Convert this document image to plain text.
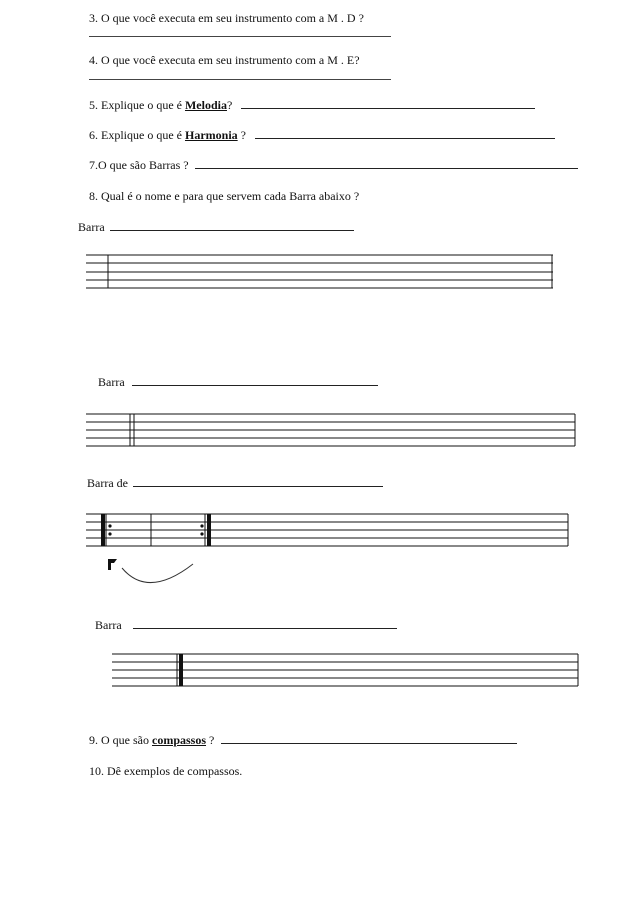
3. O que você executa em seu instrumento com a M . D ?
4. O que você executa em seu instrumento com a M . E?
5. Explique o que é Melodia?
6. Explique o que é Harmonia ?
7.O que são Barras ?
8. Qual é o nome e para que servem cada Barra abaixo ?
Barra
Barra
Barra de
Barra
9. O que são compassos ?
10. Dê exemplos de compassos.
